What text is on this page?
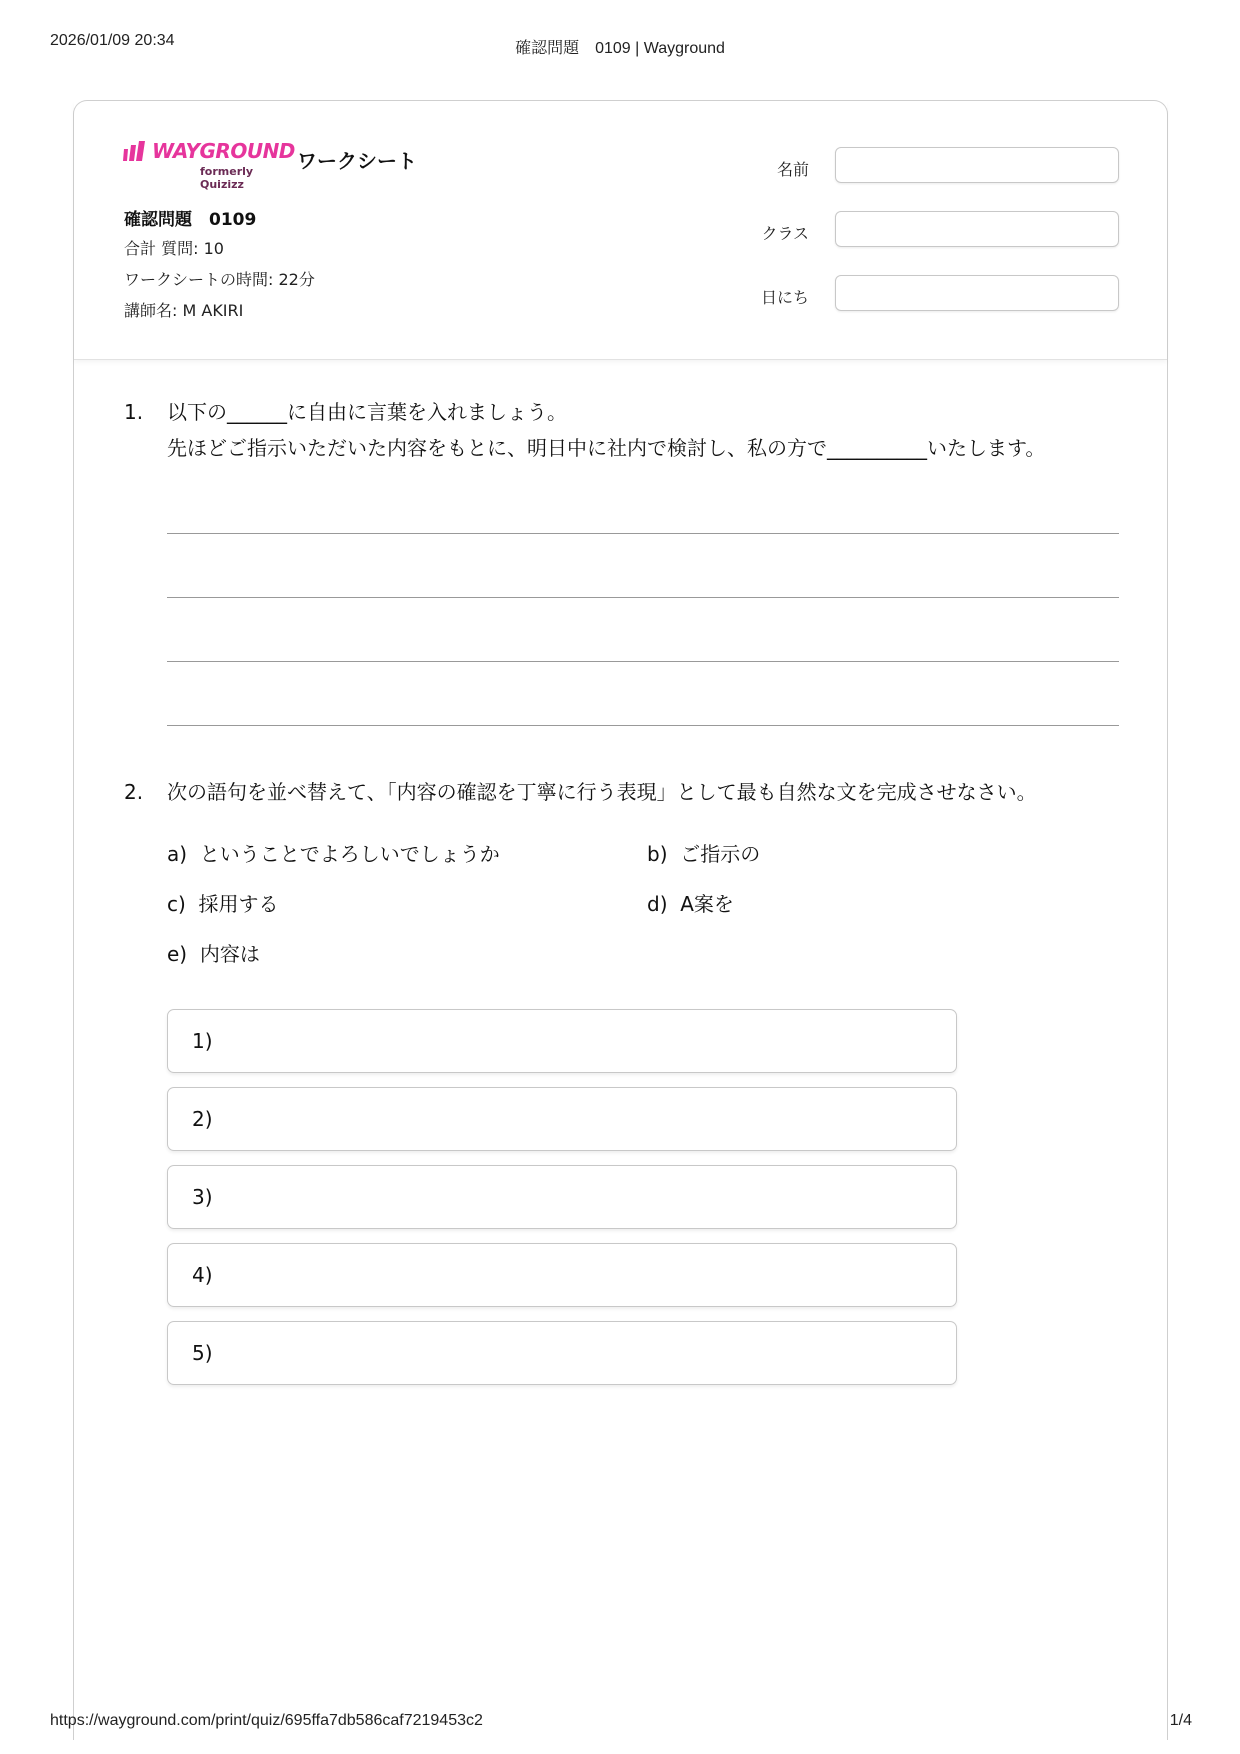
2026/01/09 20:34	確認問題　0109 | Wayground
WAYGROUND
formerly Quizizz
ワークシート
確認問題　0109
合計 質問: 10
ワークシートの時間: 22分
講師名: M AKIRI
名前
クラス
日にち
1. 以下の______に自由に言葉を入れましょう。
先ほどご指示いただいた内容をもとに、明日中に社内で検討し、私の方で__________いたします。
2. 次の語句を並べ替えて、「内容の確認を丁寧に行う表現」として最も自然な文を完成させなさい。
a) ということでよろしいでしょうか	b) ご指示の
c) 採用する	d) A案を
e) 内容は
1)
2)
3)
4)
5)
https://wayground.com/print/quiz/695ffa7db586caf7219453c2	1/4
